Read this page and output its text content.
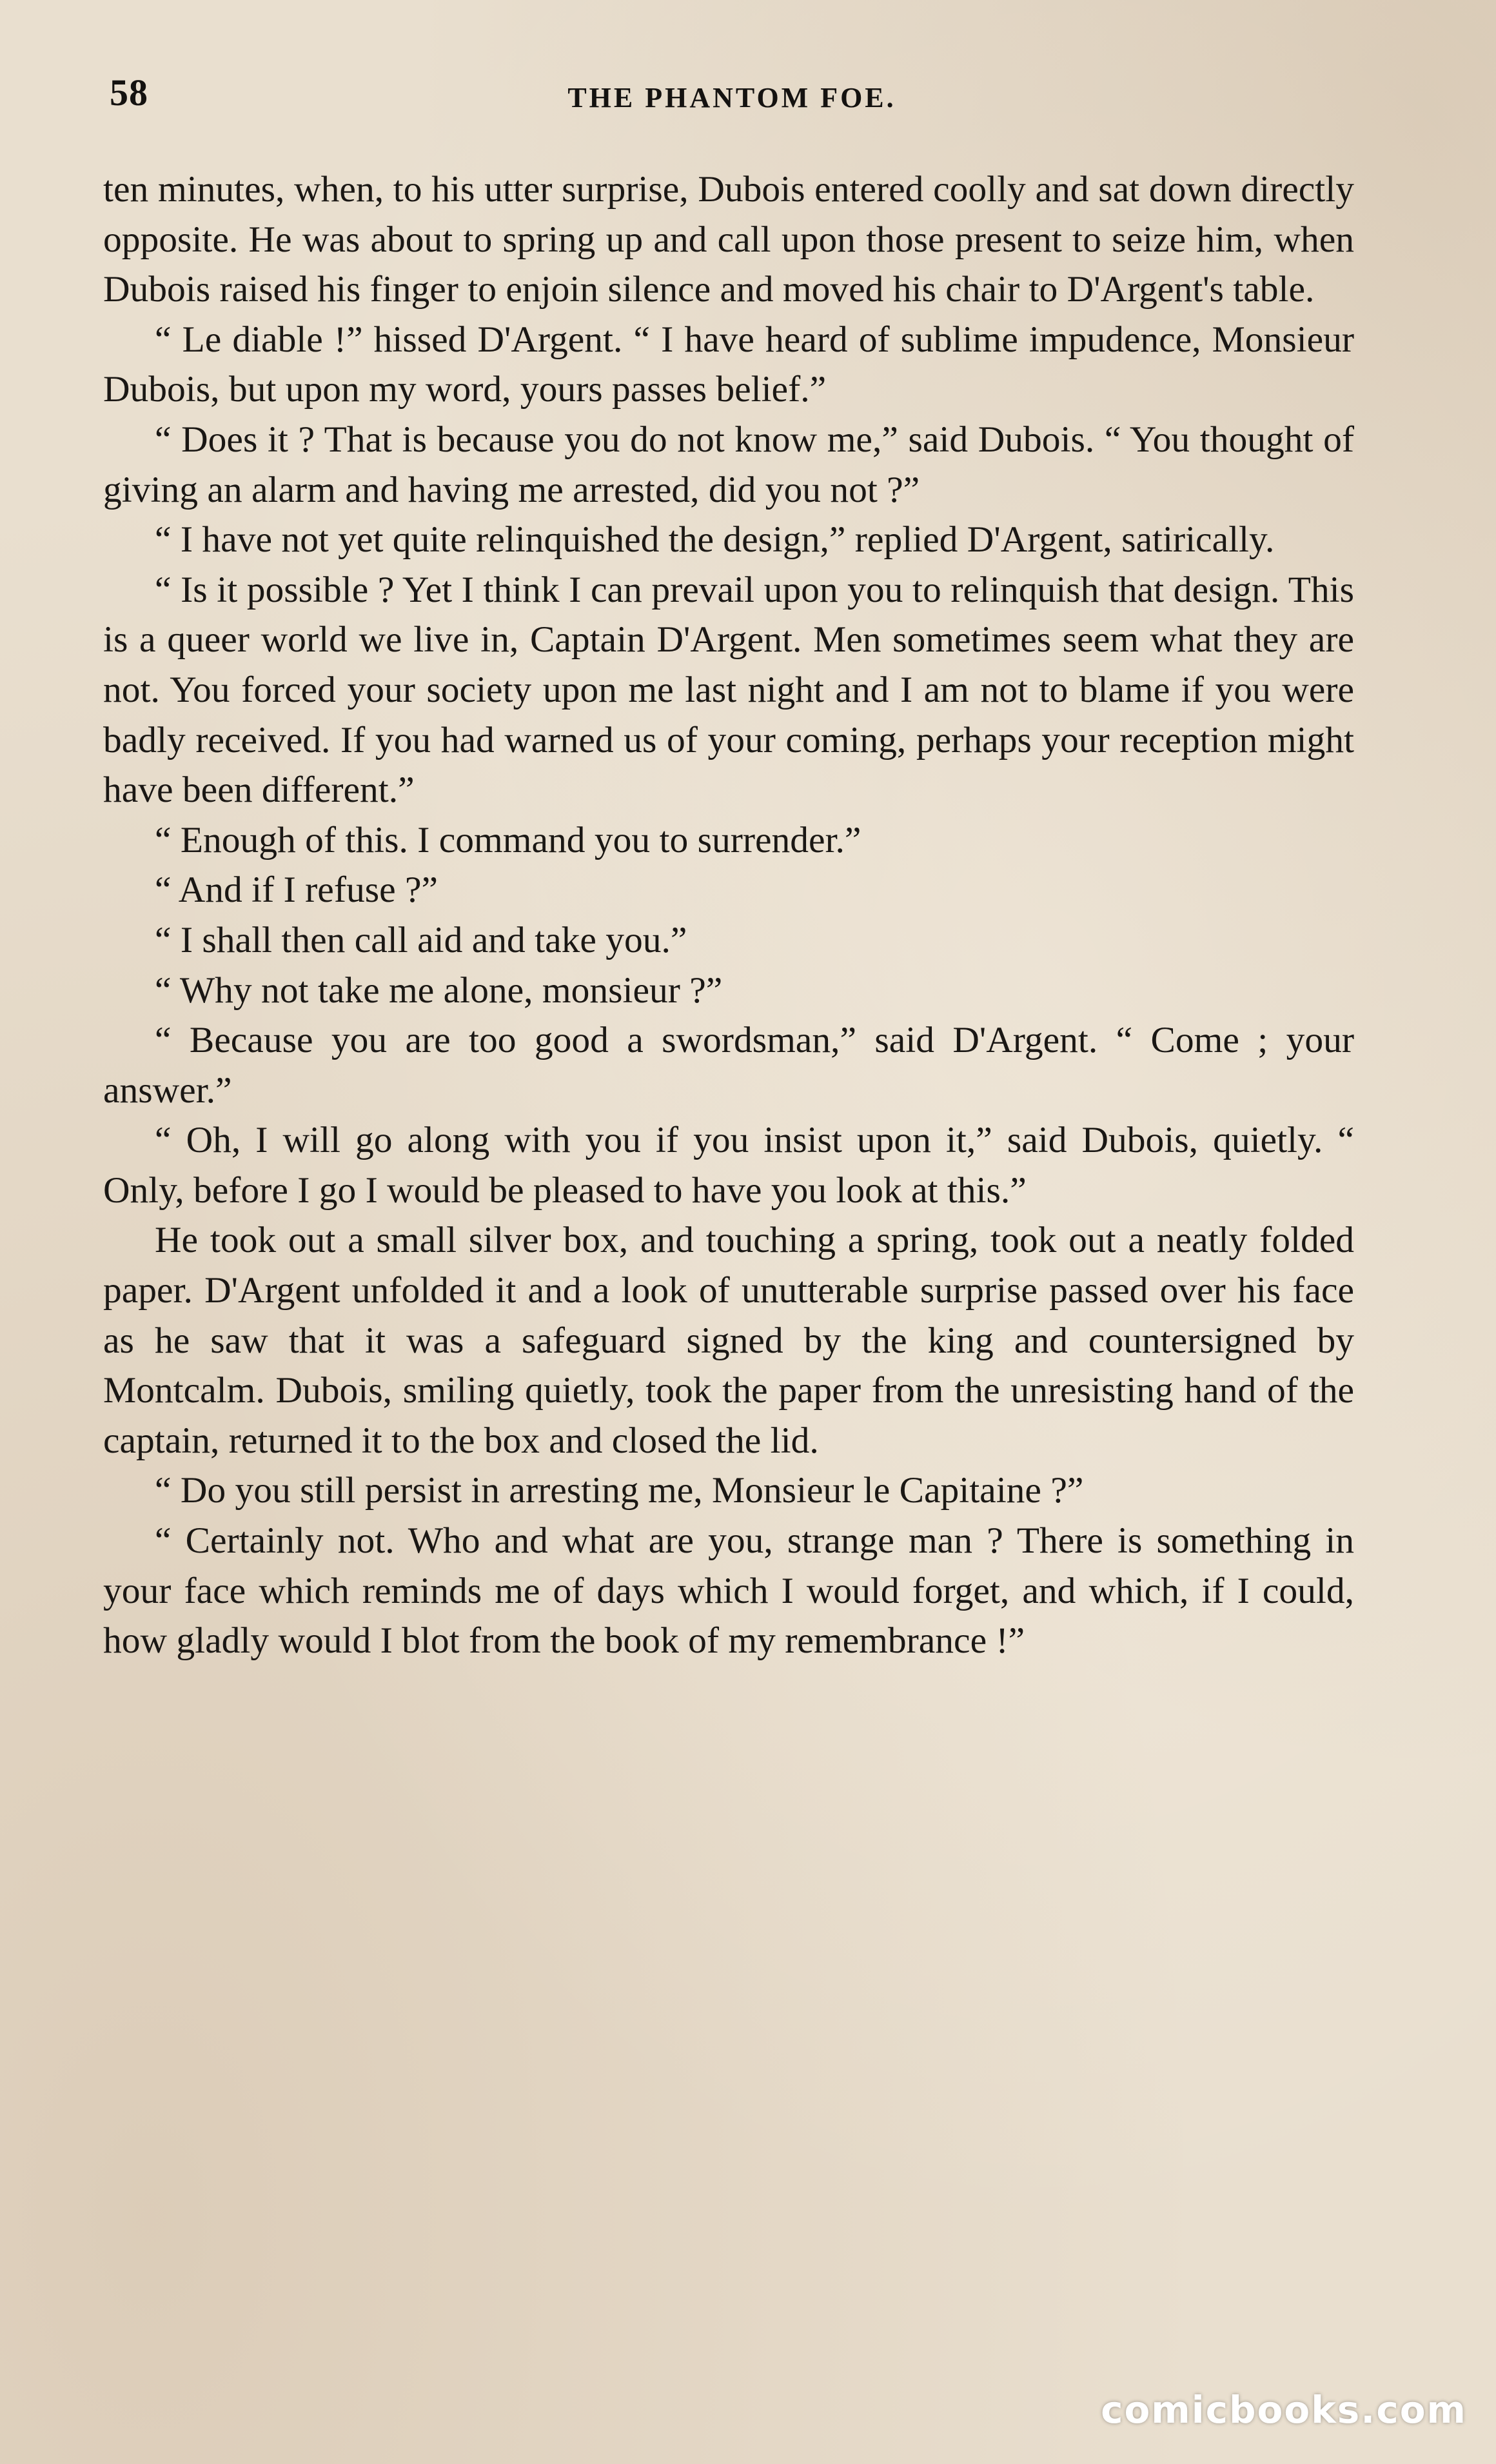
58	THE PHANTOM FOE.

ten minutes, when, to his utter surprise, Dubois entered coolly and sat down directly opposite. He was about to spring up and call upon those present to seize him, when Dubois raised his finger to enjoin silence and moved his chair to D'Argent's table.

“ Le diable !” hissed D'Argent. “ I have heard of sublime impudence, Monsieur Dubois, but upon my word, yours passes belief.”

“ Does it ? That is because you do not know me,” said Dubois. “ You thought of giving an alarm and having me arrested, did you not ?”

“ I have not yet quite relinquished the design,” replied D'Argent, satirically.

“ Is it possible ? Yet I think I can prevail upon you to relinquish that design. This is a queer world we live in, Captain D'Argent. Men sometimes seem what they are not. You forced your society upon me last night and I am not to blame if you were badly received. If you had warned us of your coming, perhaps your reception might have been different.”

“ Enough of this. I command you to surrender.”

“ And if I refuse ?”

“ I shall then call aid and take you.”

“ Why not take me alone, monsieur ?”

“ Because you are too good a swordsman,” said D'Argent. “ Come ; your answer.”

“ Oh, I will go along with you if you insist upon it,” said Dubois, quietly. “ Only, before I go I would be pleased to have you look at this.”

He took out a small silver box, and touching a spring, took out a neatly folded paper. D'Argent unfolded it and a look of unutterable surprise passed over his face as he saw that it was a safeguard signed by the king and countersigned by Montcalm. Dubois, smiling quietly, took the paper from the unresisting hand of the captain, returned it to the box and closed the lid.

“ Do you still persist in arresting me, Monsieur le Capitaine ?”

“ Certainly not. Who and what are you, strange man ? There is something in your face which reminds me of days which I would forget, and which, if I could, how gladly would I blot from the book of my remembrance !”

comicbooks.com
